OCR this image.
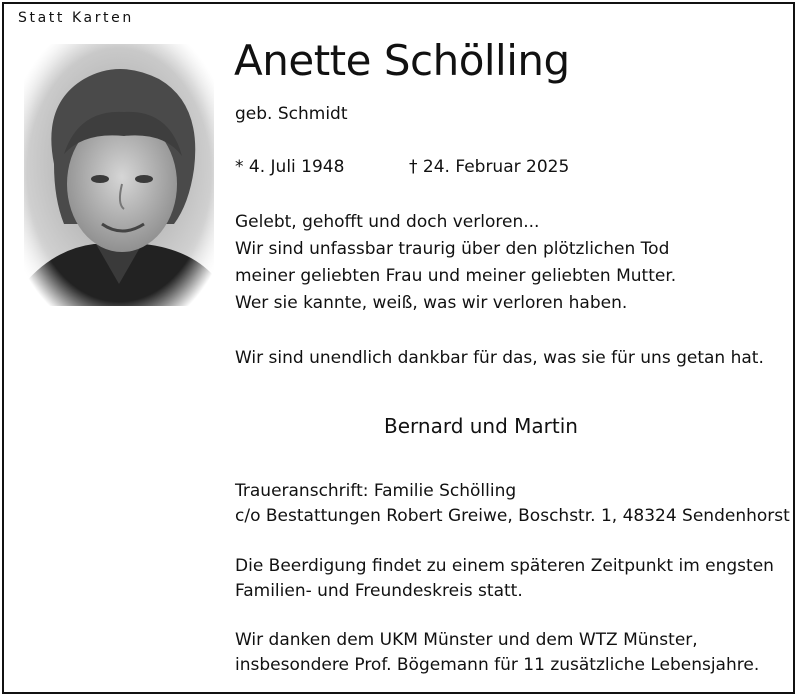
Statt Karten
Anette Schölling
geb. Schmidt
* 4. Juli 1948	† 24. Februar 2025
Gelebt, gehofft und doch verloren...
Wir sind unfassbar traurig über den plötzlichen Tod
meiner geliebten Frau und meiner geliebten Mutter.
Wer sie kannte, weiß, was wir verloren haben.
Wir sind unendlich dankbar für das, was sie für uns getan hat.
Bernard und Martin
Traueranschrift: Familie Schölling
c/o Bestattungen Robert Greiwe, Boschstr. 1, 48324 Sendenhorst
Die Beerdigung findet zu einem späteren Zeitpunkt im engsten
Familien- und Freundeskreis statt.
Wir danken dem UKM Münster und dem WTZ Münster,
insbesondere Prof. Bögemann für 11 zusätzliche Lebensjahre.
